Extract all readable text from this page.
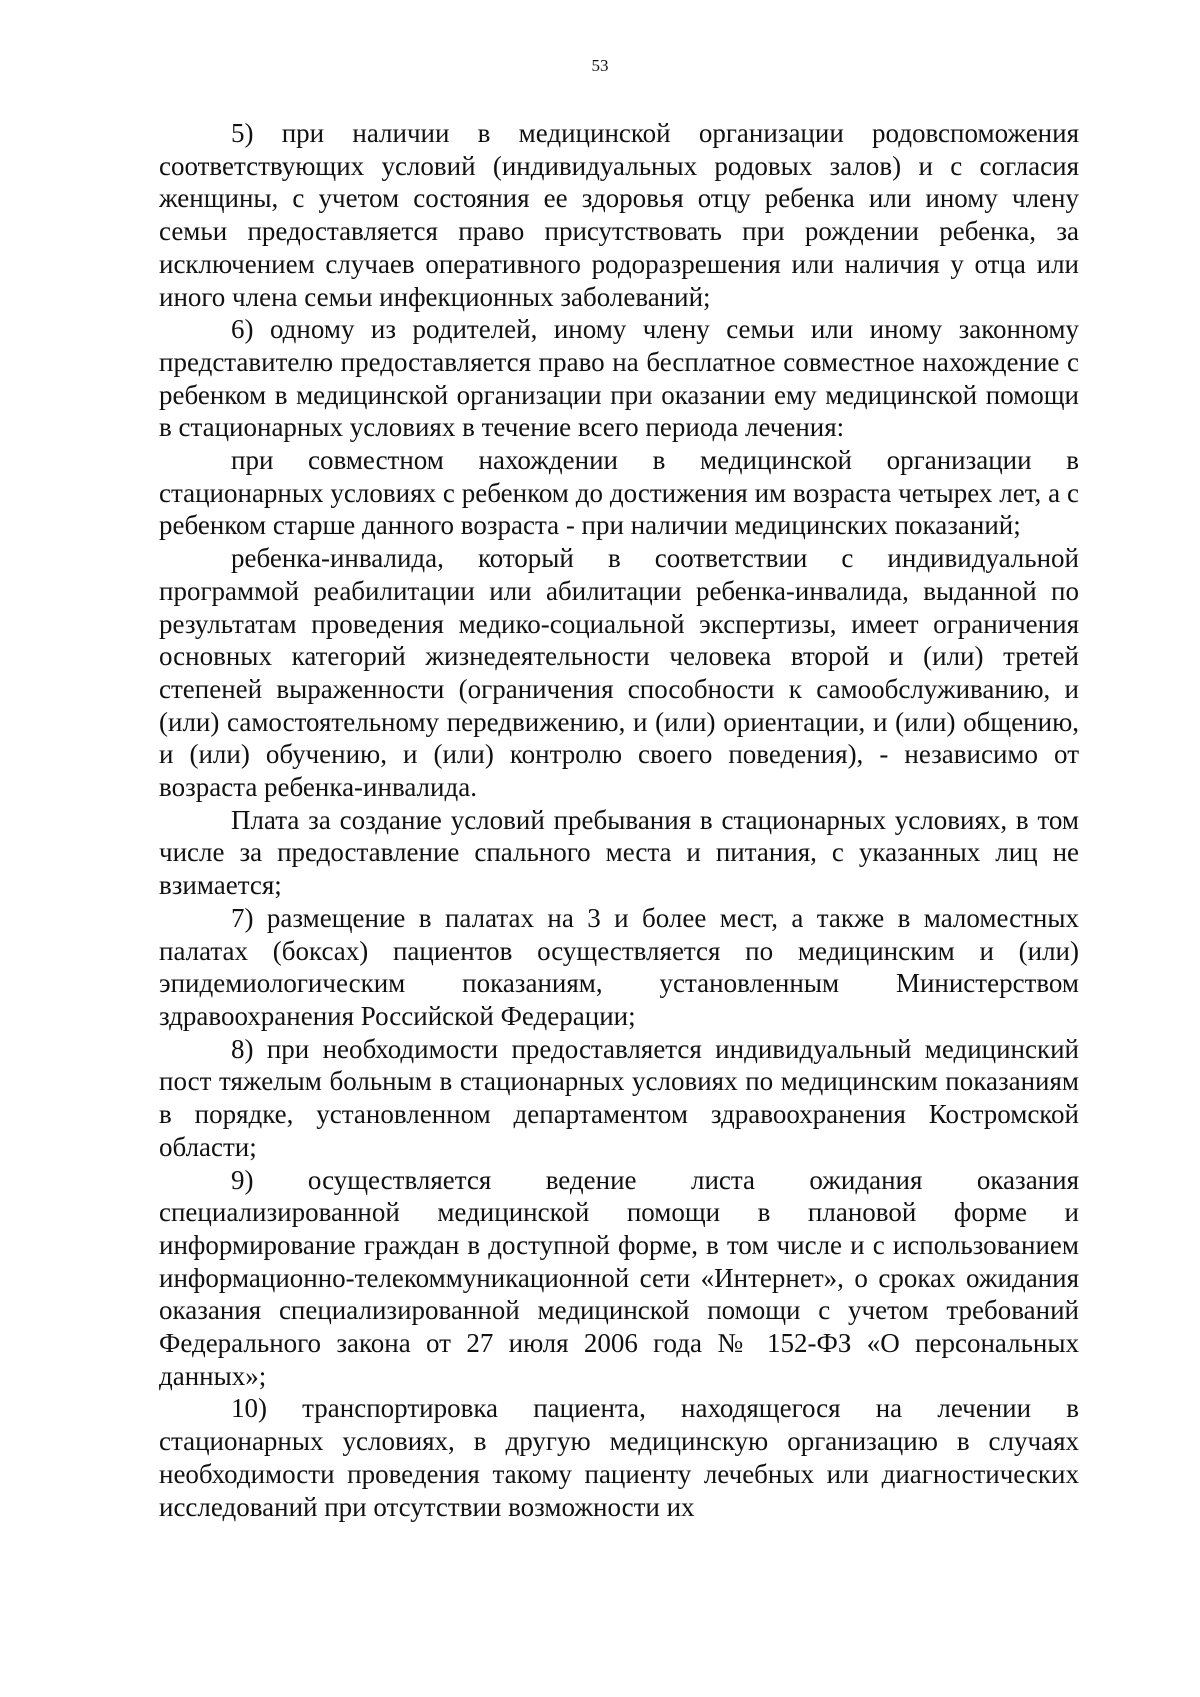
53

5) при наличии в медицинской организации родовспоможения соответствующих условий (индивидуальных родовых залов) и с согласия женщины, с учетом состояния ее здоровья отцу ребенка или иному члену семьи предоставляется право присутствовать при рождении ребенка, за исключением случаев оперативного родоразрешения или наличия у отца или иного члена семьи инфекционных заболеваний;

6) одному из родителей, иному члену семьи или иному законному представителю предоставляется право на бесплатное совместное нахождение с ребенком в медицинской организации при оказании ему медицинской помощи в стационарных условиях в течение всего периода лечения:

при совместном нахождении в медицинской организации в стационарных условиях с ребенком до достижения им возраста четырех лет, а с ребенком старше данного возраста - при наличии медицинских показаний;

ребенка-инвалида, который в соответствии с индивидуальной программой реабилитации или абилитации ребенка-инвалида, выданной по результатам проведения медико-социальной экспертизы, имеет ограничения основных категорий жизнедеятельности человека второй и (или) третей степеней выраженности (ограничения способности к самообслуживанию, и (или) самостоятельному передвижению, и (или) ориентации, и (или) общению, и (или) обучению, и (или) контролю своего поведения), - независимо от возраста ребенка-инвалида.

Плата за создание условий пребывания в стационарных условиях, в том числе за предоставление спального места и питания, с указанных лиц не взимается;

7) размещение в палатах на 3 и более мест, а также в маломестных палатах (боксах) пациентов осуществляется по медицинским и (или) эпидемиологическим показаниям, установленным Министерством здравоохранения Российской Федерации;

8) при необходимости предоставляется индивидуальный медицинский пост тяжелым больным в стационарных условиях по медицинским показаниям в порядке, установленном департаментом здравоохранения Костромской области;

9) осуществляется ведение листа ожидания оказания специализированной медицинской помощи в плановой форме и информирование граждан в доступной форме, в том числе и с использованием информационно-телекоммуникационной сети «Интернет», о сроках ожидания оказания специализированной медицинской помощи с учетом требований Федерального закона от 27 июля 2006 года № 152-ФЗ «О персональных данных»;

10) транспортировка пациента, находящегося на лечении в стационарных условиях, в другую медицинскую организацию в случаях необходимости проведения такому пациенту лечебных или диагностических исследований при отсутствии возможности их
